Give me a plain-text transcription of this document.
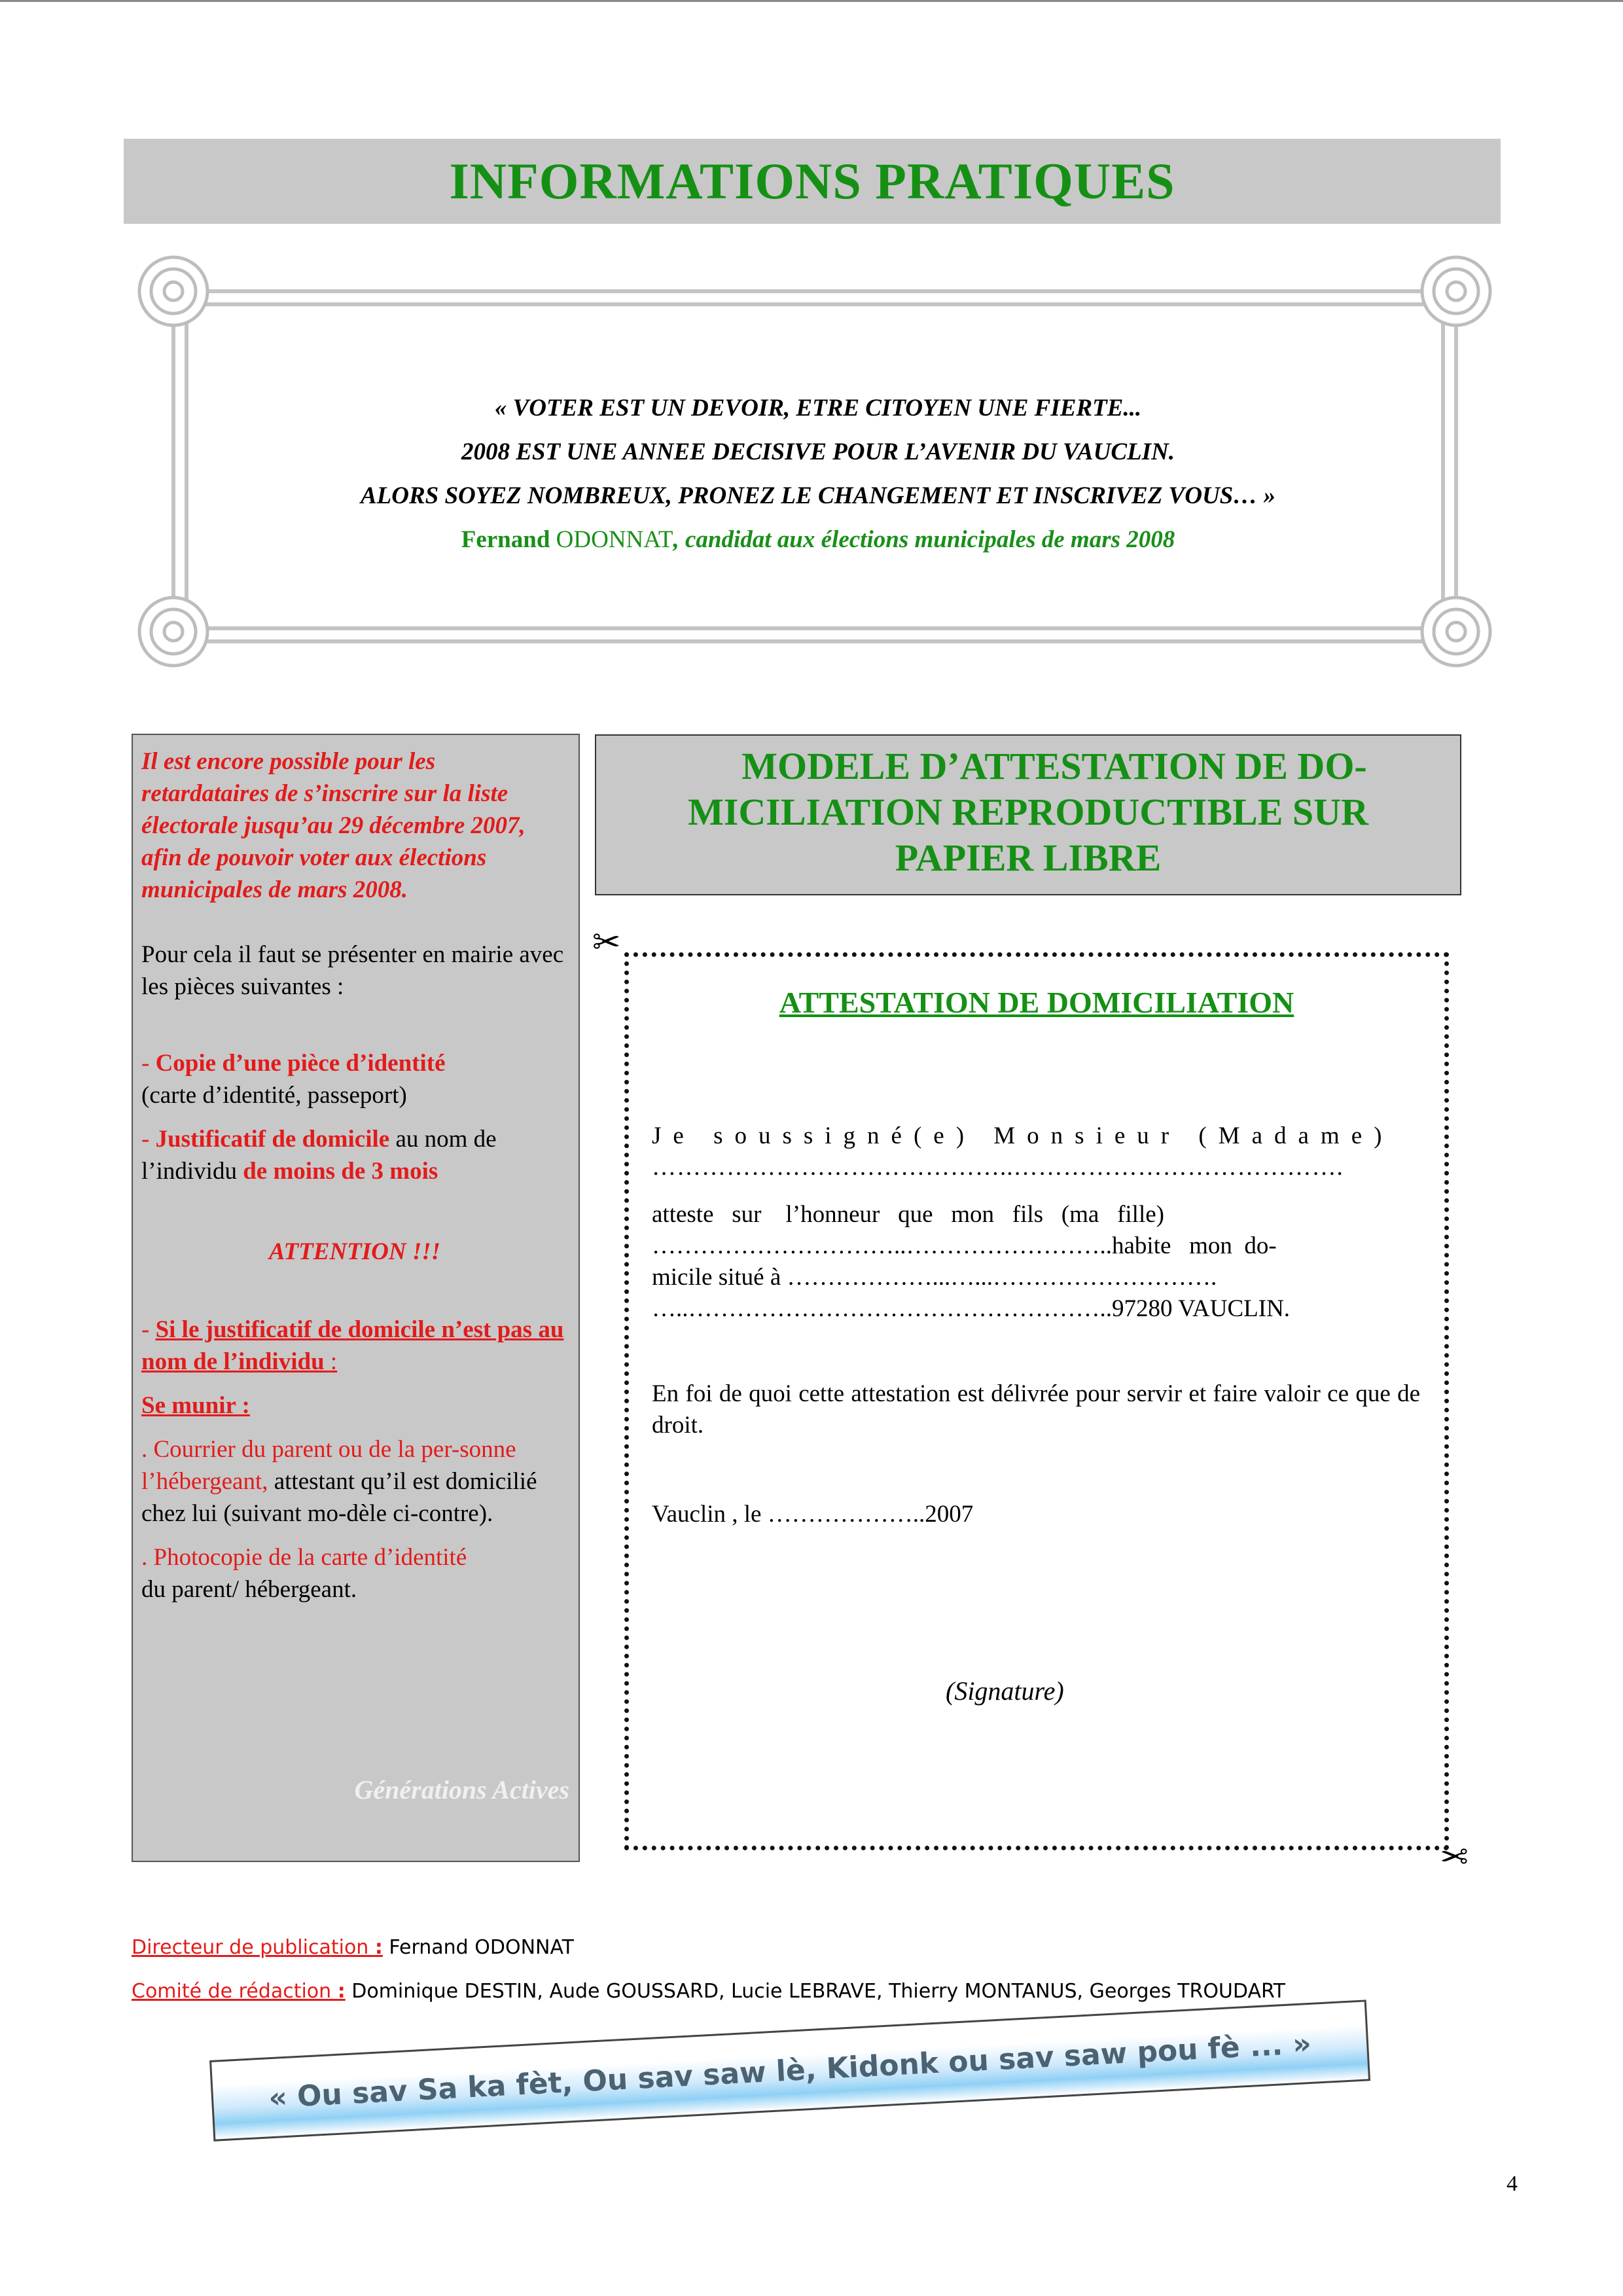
INFORMATIONS PRATIQUES
« VOTER EST UN DEVOIR, ETRE CITOYEN UNE FIERTE...
2008 EST UNE ANNEE DECISIVE POUR L’AVENIR DU VAUCLIN.
ALORS SOYEZ NOMBREUX, PRONEZ LE CHANGEMENT ET INSCRIVEZ VOUS… »
Fernand ODONNAT, candidat aux élections municipales de mars 2008

Il est encore possible pour les retardataires de s’inscrire sur la liste électorale jusqu’au 29 décembre 2007, afin de pouvoir voter aux élections municipales de mars 2008.

Pour cela il faut se présenter en mairie avec les pièces suivantes :

- Copie d’une pièce d’identité
(carte d’identité, passeport)

- Justificatif de domicile au nom de l’individu de moins de 3 mois

ATTENTION !!!

- Si le justificatif de domicile n’est pas au nom de l’individu :

Se munir :

. Courrier du parent ou de la per-sonne l’hébergeant, attestant qu’il est domicilié chez lui (suivant mo-dèle ci-contre).

. Photocopie de la carte d’identité
du parent/ hébergeant.

Générations Actives
MODELE D’ATTESTATION DE DO-
MICILIATION REPRODUCTIBLE SUR
PAPIER LIBRE
✂
✂
ATTESTATION DE DOMICILIATION
Je soussigné(e) Monsieur (Madame)
……………………………………..………………………………….
atteste   sur    l’honneur   que   mon   fils   (ma   fille)
…………………………..……………………..habite   mon  do-
micile situé à ………………...…...……………………….
…..……………………………………………..97280 VAUCLIN.
En foi de quoi cette attestation est délivrée pour servir et faire valoir ce que de droit.
Vauclin , le ………………..2007
(Signature)
Directeur de publication : Fernand ODONNAT
Comité de rédaction : Dominique DESTIN, Aude GOUSSARD, Lucie LEBRAVE, Thierry MONTANUS, Georges TROUDART
« Ou sav Sa ka fèt, Ou sav saw lè, Kidonk ou sav saw pou fè ... »
4
